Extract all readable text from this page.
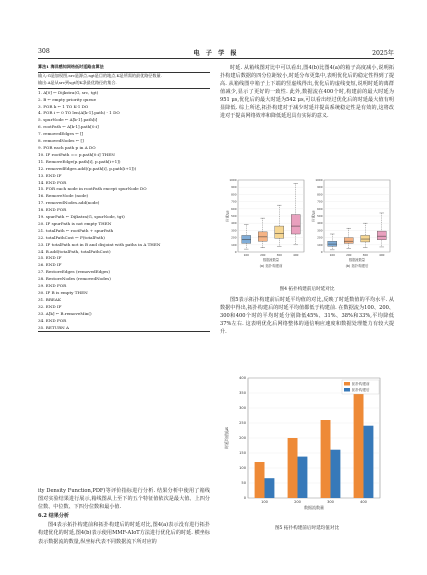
308	电 子 学 报	2025年
算法1 海洋感知网络低时延路由算法
输入:G是加权图,src是源点,sgt是目的地点,K是所需的最优路径数量.
输出:A是从src到sgt的K条最优路径的集合.
1. A[0] ← Dijkstra(G, src, tgt)
2. B ← empty priority queue
3. FOR k ← 1 TO K-1 DO
4. FOR i ← 0 TO len(A[k-1].path) - 1 DO
5. spurNode ← A[k-1].path[i]
6. rootPath ← A[k-1].path[0:i]
7. removedEdges ← []
8. removedNodes ← []
9. FOR each path p in A DO
10. IF rootPath == p.path[0:i] THEN
11. RemoveEdge(p.path[i], p.path[i+1])
12. removedEdges.add((p.path[i], p.path[i+1]))
13. END IF
14. END FOR
15. FOR each node in rootPath except spurNode DO
16. RemoveNode (node)
17. removedNodes.add(node)
18. END FOR
19. spurPath ← Dijkstra(G, spurNode, tgt)
20. IF spurPath is not empty THEN
21. totalPath ← rootPath + spurPath
22. totalPathCost ← F(totalPath)
23. IF totalPath not in B and disjoint with paths in A THEN
24. B.add(totalPath, totalPathCost)
25. END IF
26. END IF
27. RestoreEdges (removedEdges)
28. RestoreNodes (removedNodes)
29. END FOR
30. IF B is empty THEN
31. BREAK
32. END IF
33. A[k] ← B.removeMin()
34. END FOR
35. RETURN A
ity Density Function,PDF)等评价指标进行分析. 结果分析中使用了箱线图对实验结果进行展示,箱线图从上至下的五个特征值依次是最大值、上四分位数、中位数、下四分位数和最小值.
6.2 结果分析
图4表示拓扑构建前和拓扑构建后的时延对比,图4(a)表示没有进行拓扑构建优化的时延,图4(b)表示使用MMF-AIoT方法进行优化后的时延. 横坐标表示数据流的数量,纵坐标代表不同数据流下所对应的
时延. 从箱线图对比中可以看出,图4(b)比图4(a)的箱子高度减小,说明拓扑构建后数据的四分位距较小,时延分布更集中,表明优化后的稳定性得到了提高. 从箱线图中箱子上下端的竖虚线得出,优化后的虚线变短,说明时延的离群值减少,显示了更好的一致性. 此外,数据流在400个时,构建前的最大时延为951 μs,优化后的最大时延为542 μs,可以看出经过优化后的时延最大值有明显降低. 综上所述,拓扑构建对于减少时延并提高系统稳定性是有效的,这将改进对于提高网络效率和降低延迟具有实际的意义.
0
100
200
300
400
500
600
700
800
900
1000
100	200	300	400
数据流数量
时延/μs
(a) 拓扑构建前
0
100
200
300
400
500
600
700
800
900
1000
100	200	300	400
数据流数量
时延/μs
(b) 拓扑构建后
图4 拓扑构建前后时延对比
图5表示拓扑构建前后时延平均值的对比,反映了时延数值的平均水平. 从数据中得出,拓扑构建后的时延平均值都低于构建前. 在数据流为100、200、300和400个时的平均时延分别降低45%、31%、38%和33%,平均降低37%左右. 这表明优化后网络整体的通信响应速度和数据处理能力有较大提升.
0
50
100
150
200
250
300
350
400
100	200	300	400
数据流数量
时延均值/μs
拓扑构建前
拓扑构建后
图5 拓扑构建前后时延均值对比
